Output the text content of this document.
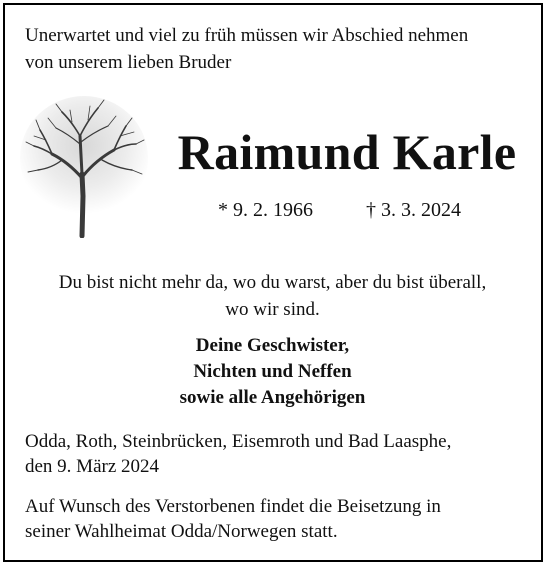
Unerwartet und viel zu früh müssen wir Abschied nehmen
von unserem lieben Bruder
Raimund Karle
* 9. 2. 1966	† 3. 3. 2024
Du bist nicht mehr da, wo du warst, aber du bist überall,
wo wir sind.
Deine Geschwister,
Nichten und Neffen
sowie alle Angehörigen
Odda, Roth, Steinbrücken, Eisemroth und Bad Laasphe,
den 9. März 2024
Auf Wunsch des Verstorbenen findet die Beisetzung in
seiner Wahlheimat Odda/Norwegen statt.
